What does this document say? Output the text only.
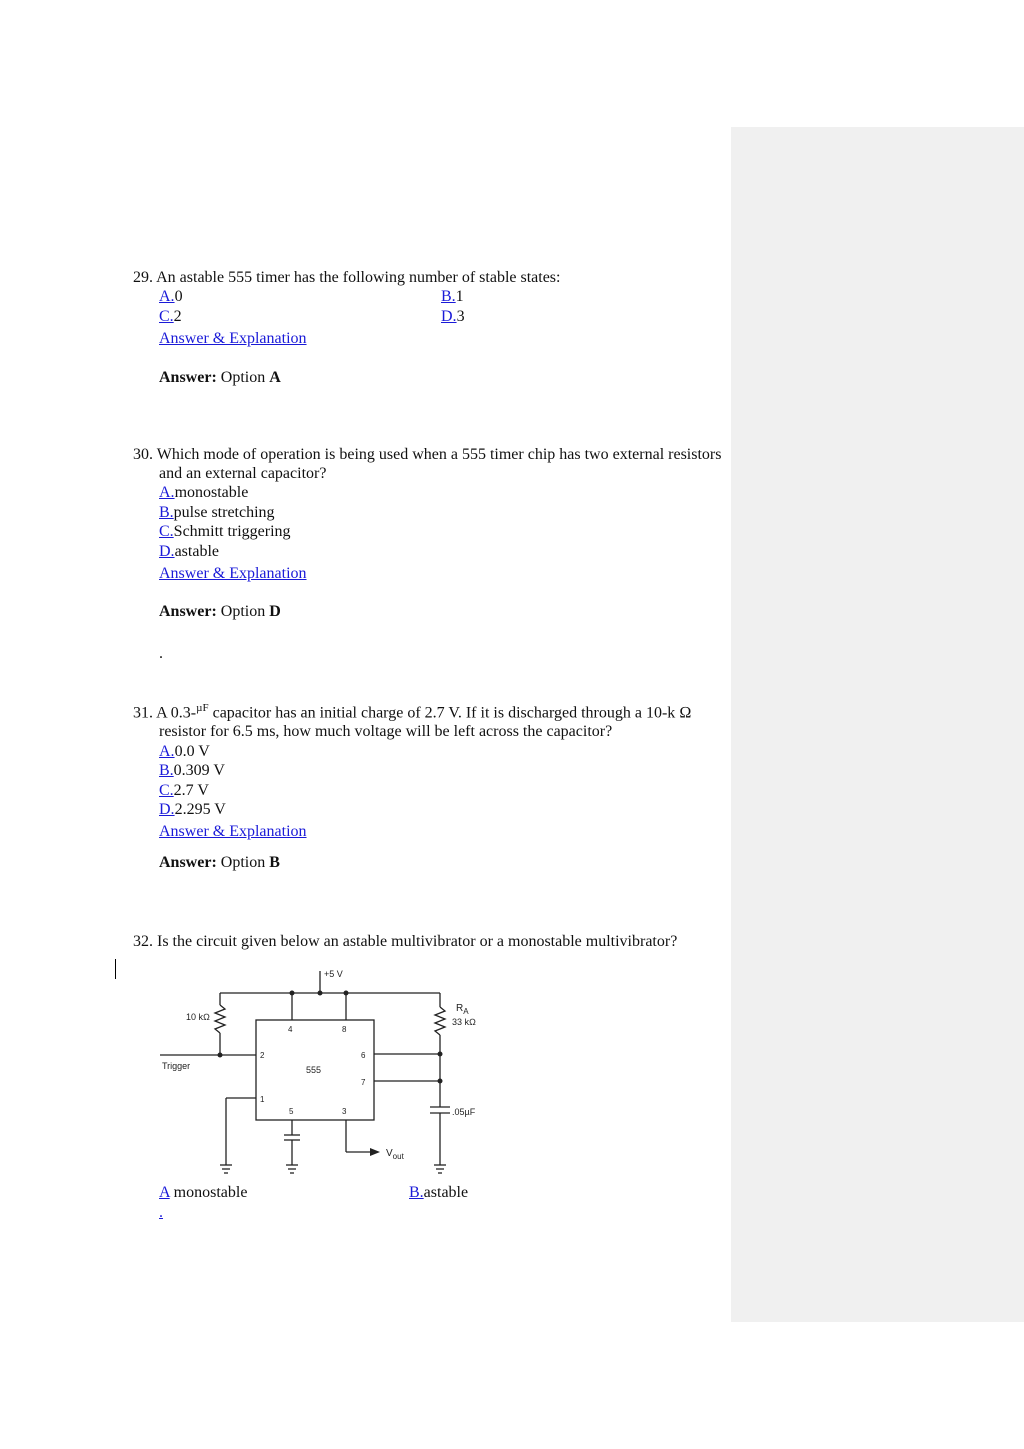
29. An astable 555 timer has the following number of stable states:
A.0	B.1
C.2	D.3
Answer & Explanation
Answer: Option A
30. Which mode of operation is being used when a 555 timer chip has two external resistors and an external capacitor?
A. monostable
B. pulse stretching
C. Schmitt triggering
D. astable
Answer & Explanation
Answer: Option D
.
31. A 0.3-$^{\mu F}$ capacitor has an initial charge of 2.7 V. If it is discharged through a 10-k Ω resistor for 6.5 ms, how much voltage will be left across the capacitor?
A. 0.0 V
B. 0.309 V
C. 2.7 V
D. 2.295 V
Answer & Explanation
Answer: Option B
32. Is the circuit given below an astable multivibrator or a monostable multivibrator?
+5 V
10 kΩ
$R_A$
33 kΩ
Trigger	555
4	8
2	6
7
1
5	3	.05µF
$V_{out}$
A monostable	B.astable
.
